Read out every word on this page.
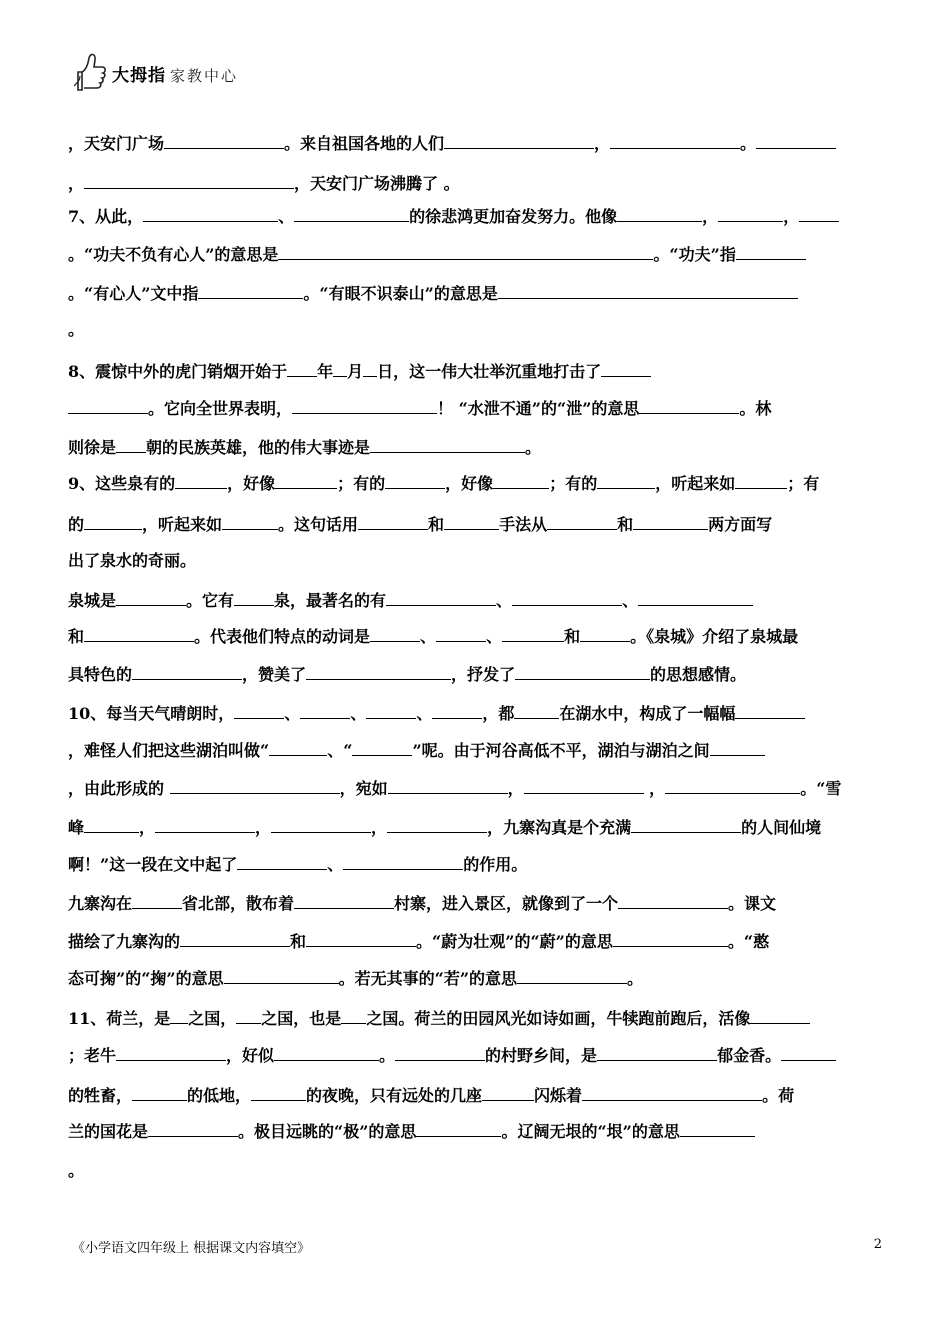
大拇指 家教中心
，天安门广场	。来自祖国各地的人们	，	。
，	，天安门广场沸腾了 。
7、从此，	、	的徐悲鸿更加奋发努力。他像	，	，
。“功夫不负有心人”的意思是	。“功夫”指
。“有心人”文中指	。“有眼不识泰山”的意思是
。
8、震惊中外的虎门销烟开始于 年 月 日，这一伟大壮举沉重地打击了
。它向全世界表明，	！ “水泄不通”的“泄”的意思	。林
则徐是 朝的民族英雄，他的伟大事迹是	。
9、这些泉有的	，好像	；有的	，好像	；有的	，听起来如	；有
的	，听起来如	。这句话用	和	手法从	和	两方面写
出了泉水的奇丽。
泉城是	。它有	泉，最著名的有	、	、
和	。代表他们特点的动词是	、	、	和	。《泉城》介绍了泉城最
具特色的	，赞美了	，抒发了	的思想感情。
10、每当天气晴朗时，	、	、	、	，都	在湖水中，构成了一幅幅
，难怪人们把这些湖泊叫做“	、“	”呢。由于河谷高低不平，湖泊与湖泊之间
，由此形成的	，宛如	，	，	。“雪
峰	，	，	，	，九寨沟真是个充满	的人间仙境
啊！”这一段在文中起了	、	的作用。
九寨沟在	省北部，散布着	村寨，进入景区，就像到了一个	。课文
描绘了九寨沟的	和	。“蔚为壮观”的“蔚”的意思	。“憨
态可掬”的“掬”的意思	。若无其事的“若”的意思	。
11、荷兰，是 之国， 之国，也是 之国。荷兰的田园风光如诗如画，牛犊跑前跑后，活像
；老牛	，好似	。	的村野乡间，是	郁金香。
的牲畜，	的低地，	的夜晚，只有远处的几座	闪烁着	。荷
兰的国花是	。极目远眺的“极”的意思	。辽阔无垠的“垠”的意思
。
《小学语文四年级上 根据课文内容填空》	2
